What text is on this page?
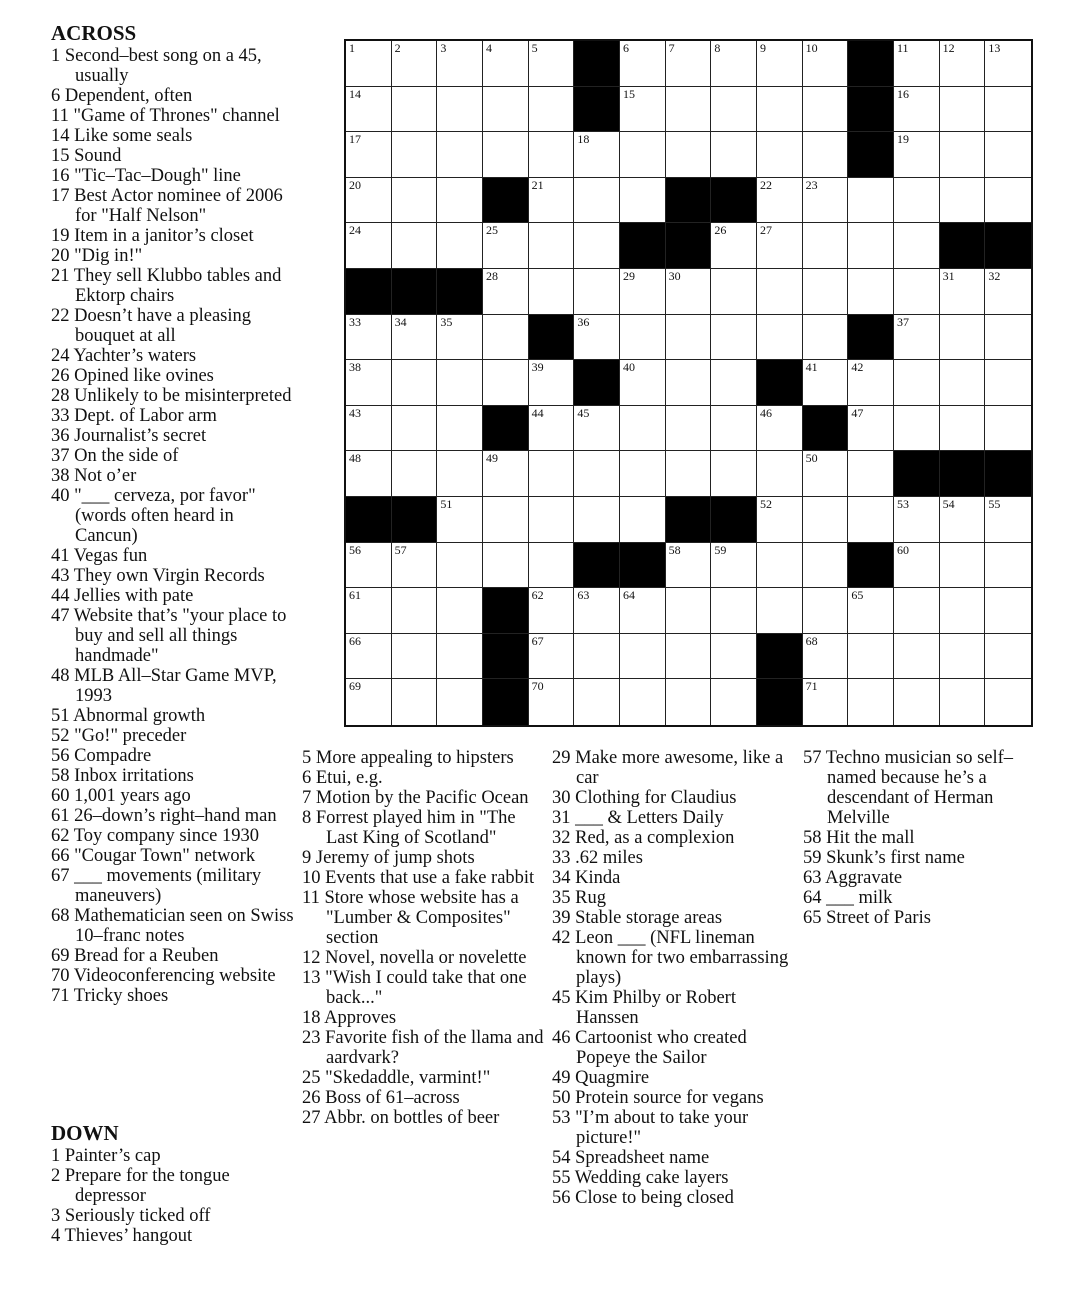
ACROSS

1 Second–best song on a 45, usually

6 Dependent, often

11 "Game of Thrones" channel

14 Like some seals

15 Sound

16 "Tic–Tac–Dough" line

17 Best Actor nominee of 2006 for "Half Nelson"

19 Item in a janitor’s closet

20 "Dig in!"

21 They sell Klubbo tables and Ektorp chairs

22 Doesn’t have a pleasing bouquet at all

24 Yachter’s waters

26 Opined like ovines

28 Unlikely to be misinterpreted

33 Dept. of Labor arm

36 Journalist’s secret

37 On the side of

38 Not o’er

40 "___ cerveza, por favor" (words often heard in Cancun)

41 Vegas fun

43 They own Virgin Records

44 Jellies with pate

47 Website that’s "your place to buy and sell all things handmade"

48 MLB All–Star Game MVP, 1993

51 Abnormal growth

52 "Go!" preceder

56 Compadre

58 Inbox irritations

60 1,001 years ago

61 26–down’s right–hand man

62 Toy company since 1930

66 "Cougar Town" network

67 ___ movements (military maneuvers)

68 Mathematician seen on Swiss 10–franc notes

69 Bread for a Reuben

70 Videoconferencing website

71 Tricky shoes

DOWN

1 Painter’s cap

2 Prepare for the tongue depressor

3 Seriously ticked off

4 Thieves’ hangout

5 More appealing to hipsters

6 Etui, e.g.

7 Motion by the Pacific Ocean

8 Forrest played him in "The Last King of Scotland"

9 Jeremy of jump shots

10 Events that use a fake rabbit

11 Store whose website has a "Lumber & Composites" section

12 Novel, novella or novelette

13 "Wish I could take that one back..."

18 Approves

23 Favorite fish of the llama and aardvark?

25 "Skedaddle, varmint!"

26 Boss of 61–across

27 Abbr. on bottles of beer

29 Make more awesome, like a car

30 Clothing for Claudius

31 ___ & Letters Daily

32 Red, as a complexion

33 .62 miles

34 Kinda

35 Rug

39 Stable storage areas

42 Leon ___ (NFL lineman known for two embarrassing plays)

45 Kim Philby or Robert Hanssen

46 Cartoonist who created Popeye the Sailor

49 Quagmire

50 Protein source for vegans

53 "I’m about to take your picture!"

54 Spreadsheet name

55 Wedding cake layers

56 Close to being closed

57 Techno musician so self–named because he’s a descendant of Herman Melville

58 Hit the mall

59 Skunk’s first name

63 Aggravate

64 ___ milk

65 Street of Paris

1	2	3	4	5	6	7	8	9	10	11	12	13
14	15	16
17	18	19
20	21	22	23
24	25	26	27
28	29	30	31	32
33	34	35	36	37
38	39	40	41	42
43	44	45	46	47
48	49	50
51	52	53	54	55
56	57	58	59	60
61	62	63	64	65
66	67	68
69	70	71
